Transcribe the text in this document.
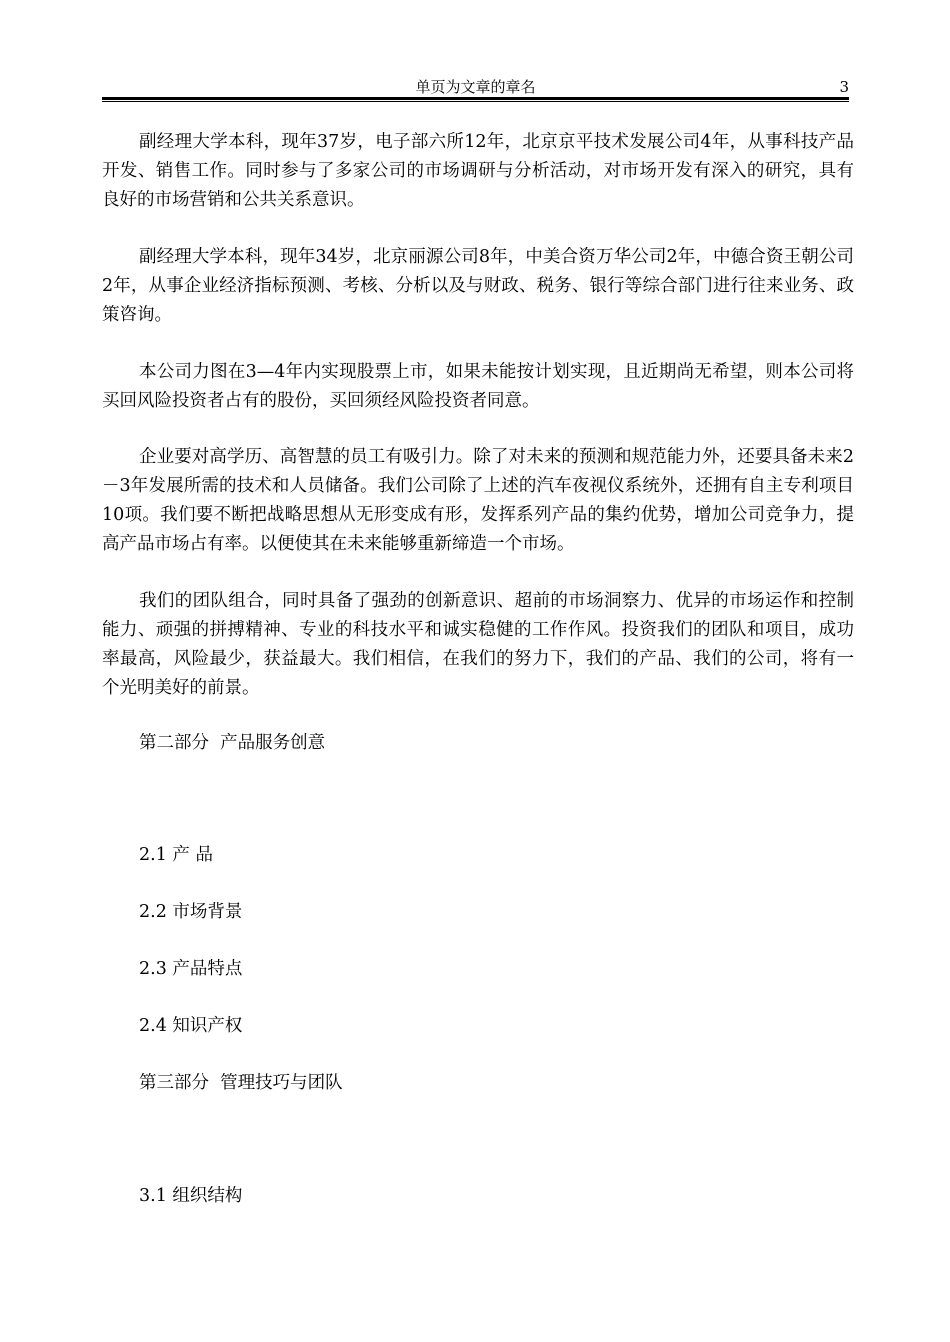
单页为文章的章名	3

副经理大学本科，现年37岁，电子部六所12年，北京京平技术发展公司4年，从事科技产品开发、销售工作。同时参与了多家公司的市场调研与分析活动，对市场开发有深入的研究，具有良好的市场营销和公共关系意识。

副经理大学本科，现年34岁，北京丽源公司8年，中美合资万华公司2年，中德合资王朝公司2年，从事企业经济指标预测、考核、分析以及与财政、税务、银行等综合部门进行往来业务、政策咨询。

本公司力图在3—4年内实现股票上市，如果未能按计划实现，且近期尚无希望，则本公司将买回风险投资者占有的股份，买回须经风险投资者同意。

企业要对高学历、高智慧的员工有吸引力。除了对未来的预测和规范能力外，还要具备未来2－3年发展所需的技术和人员储备。我们公司除了上述的汽车夜视仪系统外，还拥有自主专利项目10项。我们要不断把战略思想从无形变成有形，发挥系列产品的集约优势，增加公司竞争力，提高产品市场占有率。以便使其在未来能够重新缔造一个市场。

我们的团队组合，同时具备了强劲的创新意识、超前的市场洞察力、优异的市场运作和控制能力、顽强的拼搏精神、专业的科技水平和诚实稳健的工作作风。投资我们的团队和项目，成功率最高，风险最少，获益最大。我们相信，在我们的努力下，我们的产品、我们的公司，将有一个光明美好的前景。

第二部分  产品服务创意

2.1 产 品

2.2 市场背景

2.3 产品特点

2.4 知识产权

第三部分  管理技巧与团队

3.1 组织结构
